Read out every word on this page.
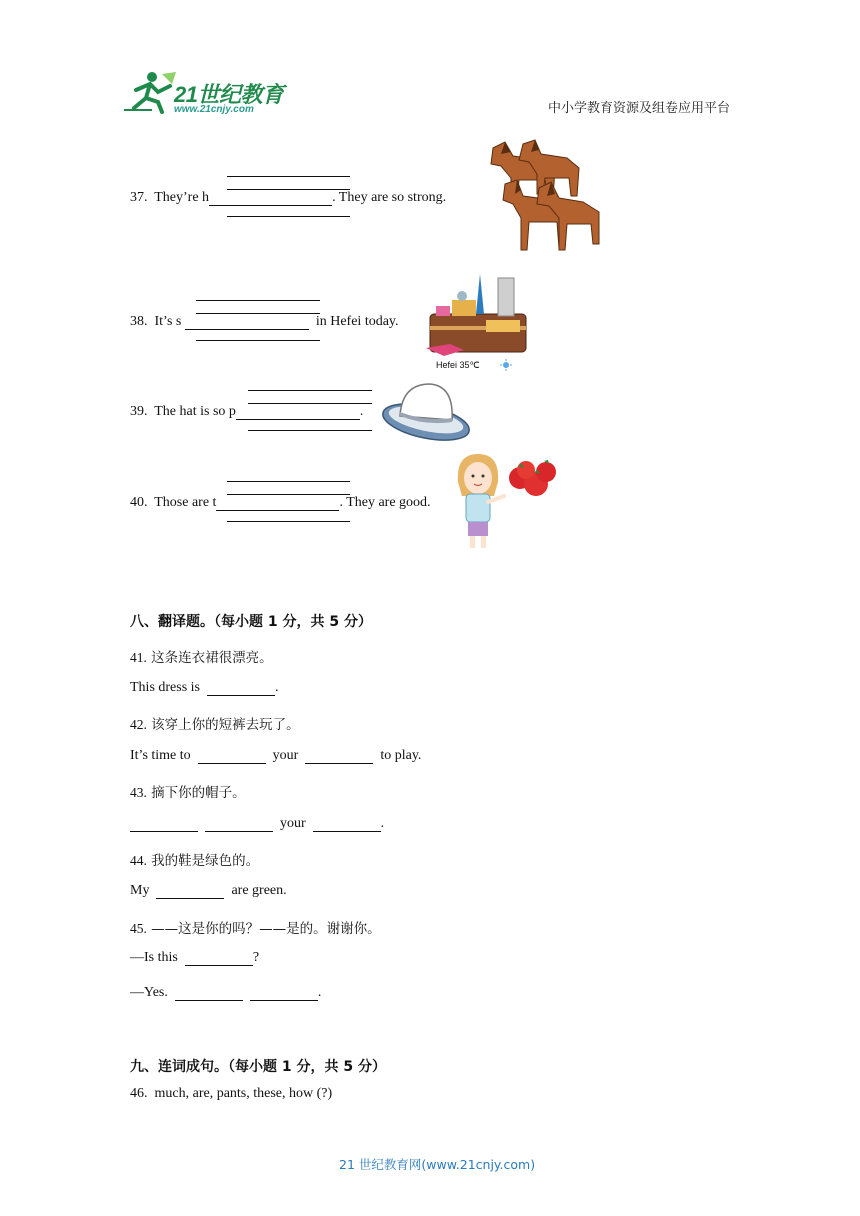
21世纪教育
www.21cnjy.com	中小学教育资源及组卷应用平台
37. They’re h	. They are so strong.
38. It’s s	in Hefei today.
Hefei 35℃
39. The hat is so p	.
40. Those are t	. They are good.
八、翻译题。（每小题 1 分，共 5 分）
41. 这条连衣裙很漂亮。
This dress is	.
42. 该穿上你的短裤去玩了。
It’s time to	your	to play.
43. 摘下你的帽子。
your	.
44. 我的鞋是绿色的。
My	are green.
45. ——这是你的吗？——是的。谢谢你。
—Is this	?
—Yes.	.
九、连词成句。（每小题 1 分，共 5 分）
46. much, are, pants, these, how (?)
21 世纪教育网(www.21cnjy.com)
